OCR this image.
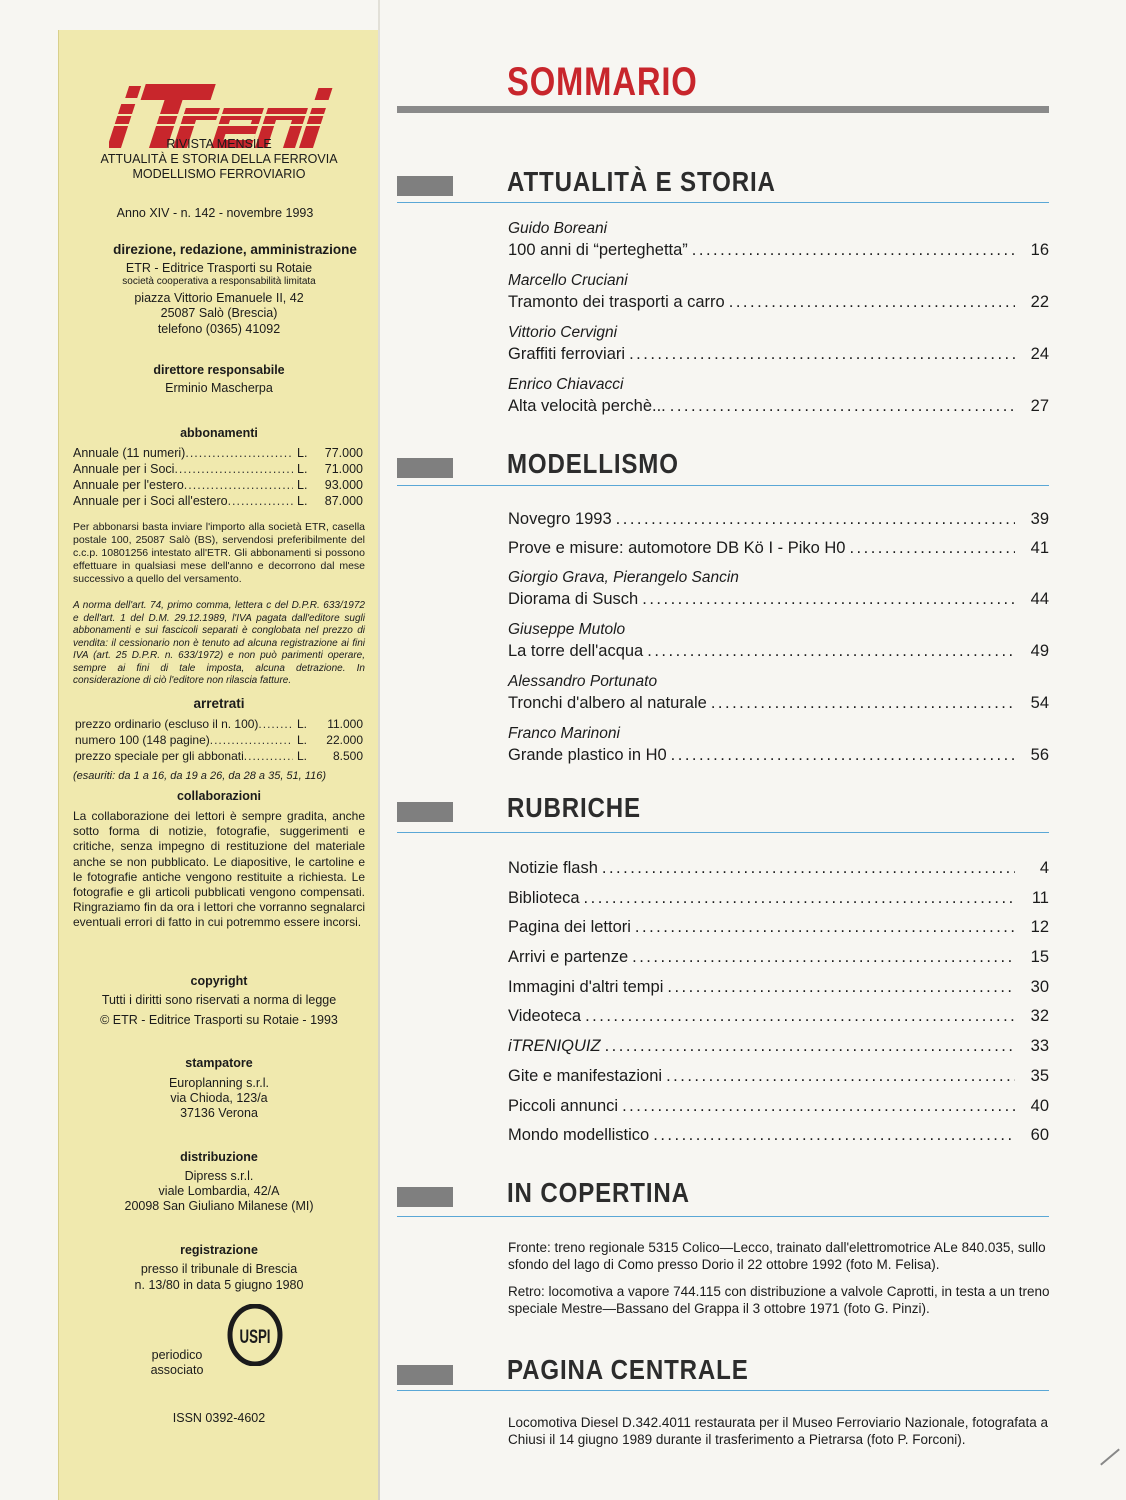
iTreni
RIVISTA MENSILE
ATTUALITÀ E STORIA DELLA FERROVIA
MODELLISMO FERROVIARIO
Anno XIV - n. 142 - novembre 1993
direzione, redazione, amministrazione
ETR - Editrice Trasporti su Rotaie
società cooperativa a responsabilità limitata
piazza Vittorio Emanuele II, 42
25087 Salò (Brescia)
telefono (0365) 41092
direttore responsabile
Erminio Mascherpa
abbonamenti
Annuale (11 numeri) .....	L.	77.000
Annuale per i Soci .....	L.	71.000
Annuale per l'estero .....	L.	93.000
Annuale per i Soci all'estero .....	L.	87.000
Per abbonarsi basta inviare l'importo alla società ETR, casella postale 100, 25087 Salò (BS), servendosi preferibilmente del c.c.p. 10801256 intestato all'ETR. Gli abbonamenti si possono effettuare in qualsiasi mese dell'anno e decorrono dal mese successivo a quello del versamento.
A norma dell'art. 74, primo comma, lettera c del D.P.R. 633/1972 e dell'art. 1 del D.M. 29.12.1989, l'IVA pagata dall'editore sugli abbonamenti e sui fascicoli separati è conglobata nel prezzo di vendita: il cessionario non è tenuto ad alcuna registrazione ai fini IVA (art. 25 D.P.R. n. 633/1972) e non può parimenti operare, sempre ai fini di tale imposta, alcuna detrazione. In considerazione di ciò l'editore non rilascia fatture.
arretrati
prezzo ordinario (escluso il n. 100) .....	L.	11.000
numero 100 (148 pagine) .....	L.	22.000
prezzo speciale per gli abbonati .....	L.	8.500
(esauriti: da 1 a 16, da 19 a 26, da 28 a 35, 51, 116)
collaborazioni
La collaborazione dei lettori è sempre gradita, anche sotto forma di notizie, fotografie, suggerimenti e critiche, senza impegno di restituzione del materiale anche se non pubblicato. Le diapositive, le cartoline e le fotografie antiche vengono restituite a richiesta. Le fotografie e gli articoli pubblicati vengono compensati. Ringraziamo fin da ora i lettori che vorranno segnalarci eventuali errori di fatto in cui potremmo essere incorsi.
copyright
Tutti i diritti sono riservati a norma di legge
© ETR - Editrice Trasporti su Rotaie - 1993
stampatore
Europlanning s.r.l.
via Chioda, 123/a
37136 Verona
distribuzione
Dipress s.r.l.
viale Lombardia, 42/A
20098 San Giuliano Milanese (MI)
registrazione
presso il tribunale di Brescia
n. 13/80 in data 5 giugno 1980
periodico
associato
USPI
ISSN 0392-4602
SOMMARIO
ATTUALITÀ E STORIA
Guido Boreani
100 anni di “perteghetta” .....	16
Marcello Cruciani
Tramonto dei trasporti a carro .....	22
Vittorio Cervigni
Graffiti ferroviari .....	24
Enrico Chiavacci
Alta velocità perchè... .....	27
MODELLISMO
Novegro 1993 .....	39
Prove e misure: automotore DB Kö I - Piko H0 .....	41
Giorgio Grava, Pierangelo Sancin
Diorama di Susch .....	44
Giuseppe Mutolo
La torre dell'acqua .....	49
Alessandro Portunato
Tronchi d'albero al naturale .....	54
Franco Marinoni
Grande plastico in H0 .....	56
RUBRICHE
Notizie flash .....	4
Biblioteca .....	11
Pagina dei lettori .....	12
Arrivi e partenze .....	15
Immagini d'altri tempi .....	30
Videoteca .....	32
iTRENIQUIZ .....	33
Gite e manifestazioni .....	35
Piccoli annunci .....	40
Mondo modellistico .....	60
IN COPERTINA
Fronte: treno regionale 5315 Colico—Lecco, trainato dall'elettromotrice ALe 840.035, sullo sfondo del lago di Como presso Dorio il 22 ottobre 1992 (foto M. Felisa).
Retro: locomotiva a vapore 744.115 con distribuzione a valvole Caprotti, in testa a un treno speciale Mestre—Bassano del Grappa il 3 ottobre 1971 (foto G. Pinzi).
PAGINA CENTRALE
Locomotiva Diesel D.342.4011 restaurata per il Museo Ferroviario Nazionale, fotografata a Chiusi il 14 giugno 1989 durante il trasferimento a Pietrarsa (foto P. Forconi).
